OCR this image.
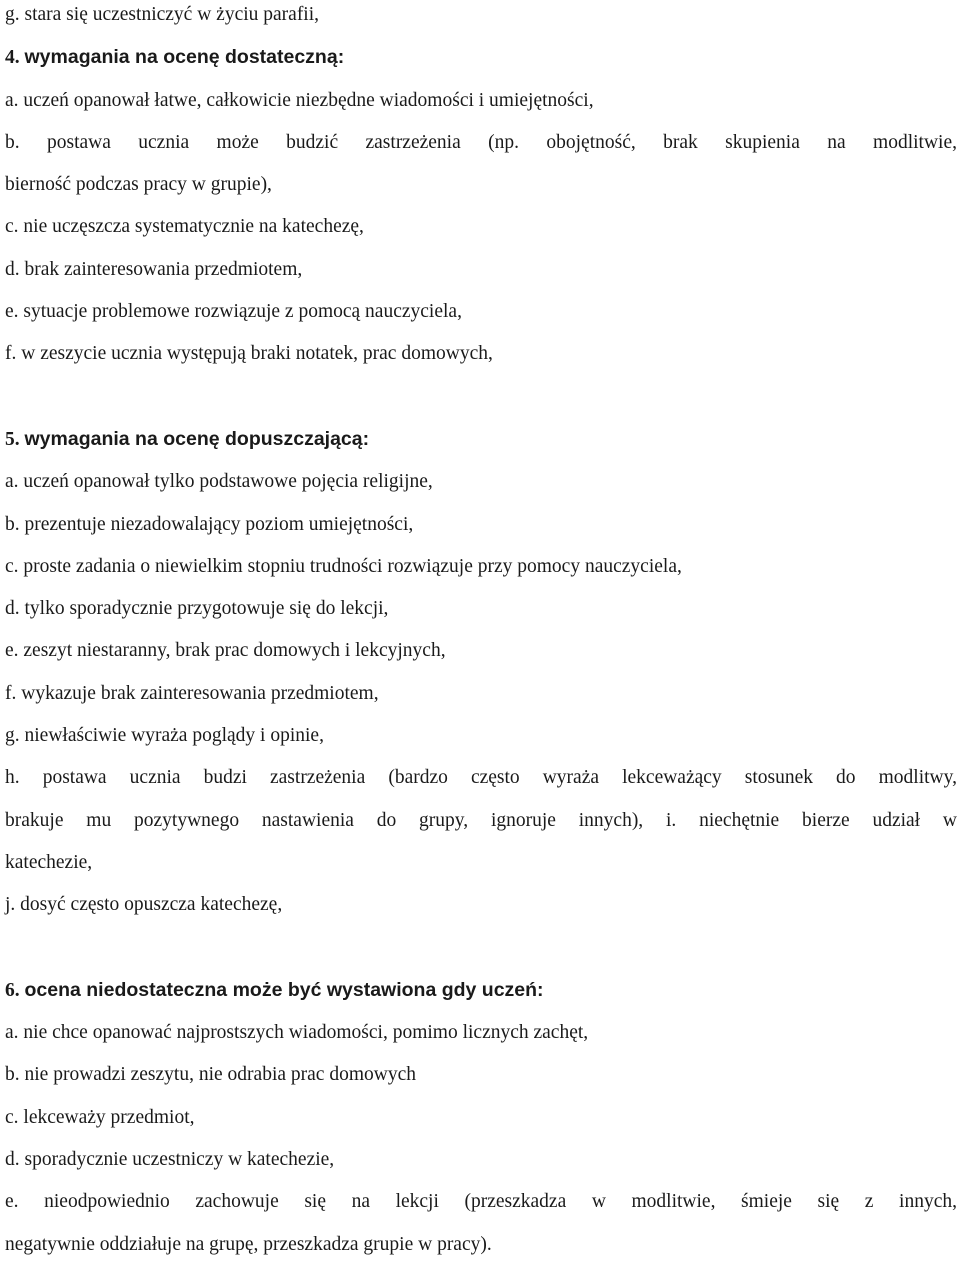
g. stara się uczestniczyć w życiu parafii,

4. wymagania na ocenę dostateczną:

a. uczeń opanował łatwe, całkowicie niezbędne wiadomości i umiejętności,

b. postawa ucznia może budzić zastrzeżenia (np. obojętność, brak skupienia na modlitwie,

bierność podczas pracy w grupie),

c. nie uczęszcza systematycznie na katechezę,

d. brak zainteresowania przedmiotem,

e. sytuacje problemowe rozwiązuje z pomocą nauczyciela,

f. w zeszycie ucznia występują braki notatek, prac domowych,

5. wymagania na ocenę dopuszczającą:

a. uczeń opanował tylko podstawowe pojęcia religijne,

b. prezentuje niezadowalający poziom umiejętności,

c. proste zadania o niewielkim stopniu trudności rozwiązuje przy pomocy nauczyciela,

d. tylko sporadycznie przygotowuje się do lekcji,

e. zeszyt niestaranny, brak prac domowych i lekcyjnych,

f. wykazuje brak zainteresowania przedmiotem,

g. niewłaściwie wyraża poglądy i opinie,

h. postawa ucznia budzi zastrzeżenia (bardzo często wyraża lekceważący stosunek do modlitwy,

brakuje mu pozytywnego nastawienia do grupy, ignoruje innych), i. niechętnie bierze udział w

katechezie,

j. dosyć często opuszcza katechezę,

6. ocena niedostateczna może być wystawiona gdy uczeń:

a. nie chce opanować najprostszych wiadomości, pomimo licznych zachęt,

b. nie prowadzi zeszytu, nie odrabia prac domowych

c. lekceważy przedmiot,

d. sporadycznie uczestniczy w katechezie,

e. nieodpowiednio zachowuje się na lekcji (przeszkadza w modlitwie, śmieje się z innych,

negatywnie oddziałuje na grupę, przeszkadza grupie w pracy).
